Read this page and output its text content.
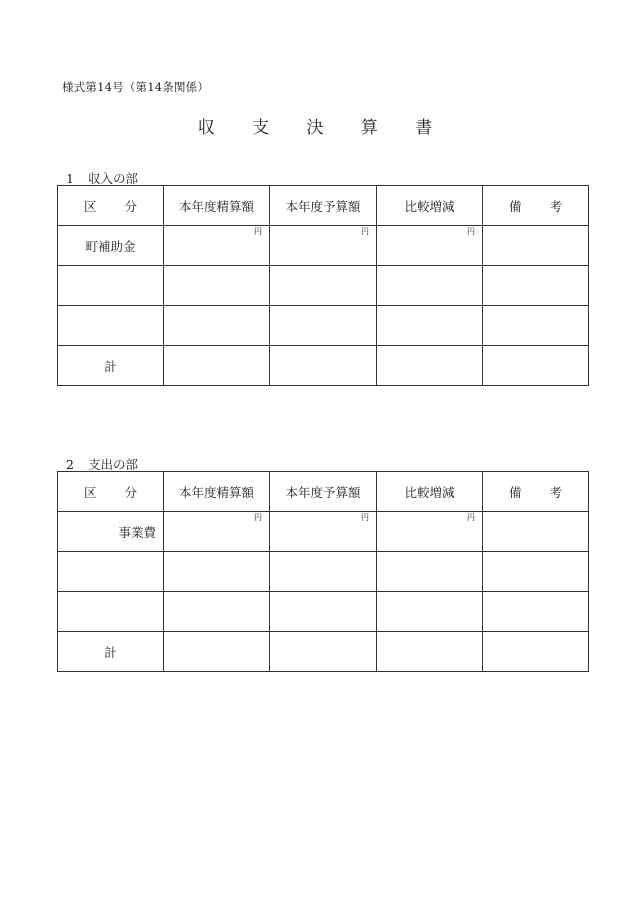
様式第14号（第14条関係）
収 支 決 算 書
1 収入の部
区 分	本年度精算額	本年度予算額	比較増減	備 考
町補助金	円	円	円	

計				
2 支出の部
区 分	本年度精算額	本年度予算額	比較増減	備 考

事業費	円	円	円	

計				
